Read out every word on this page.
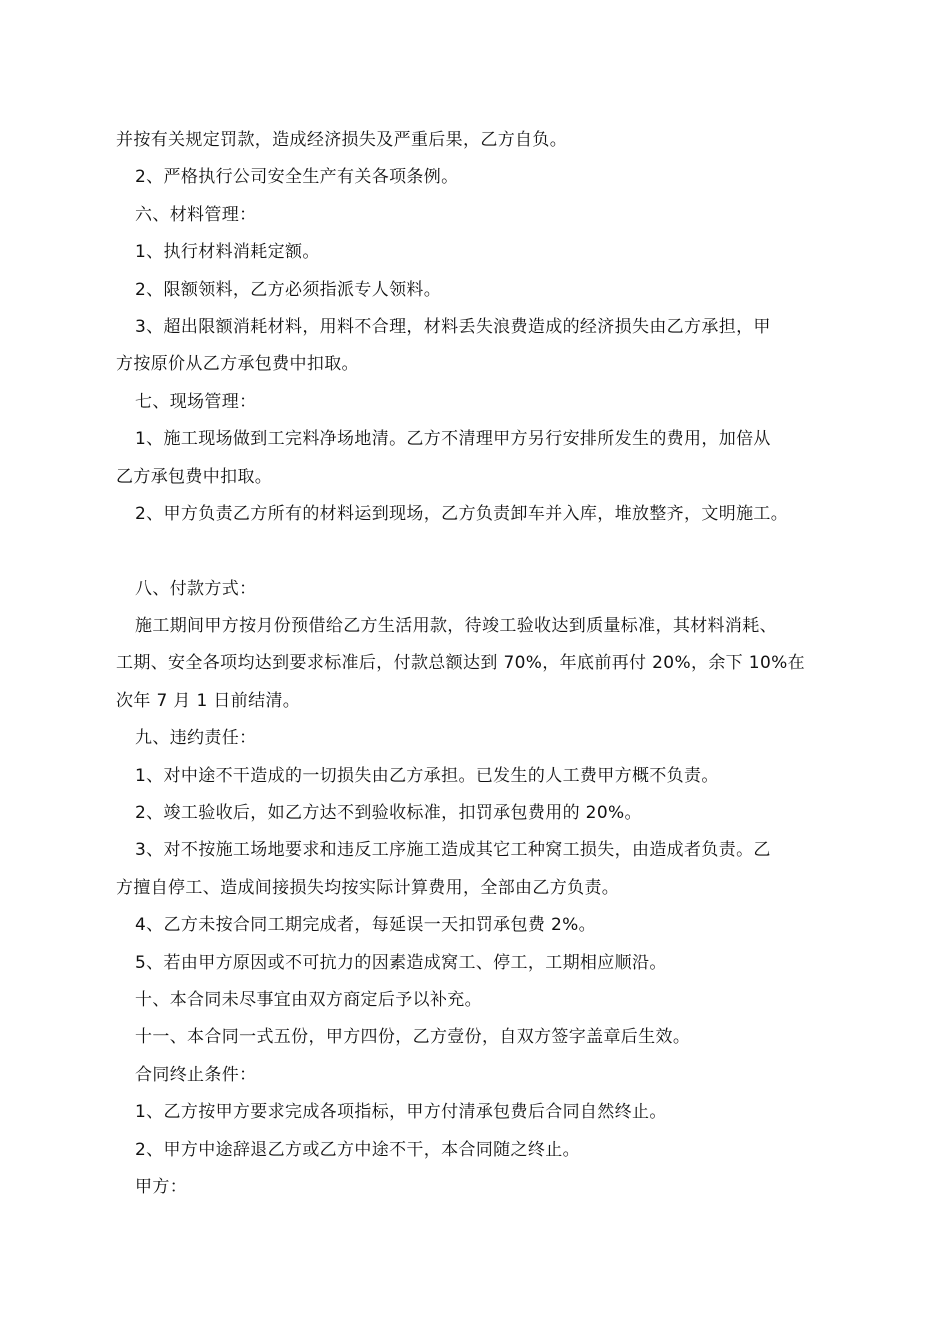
并按有关规定罚款，造成经济损失及严重后果，乙方自负。
2、严格执行公司安全生产有关各项条例。
六、材料管理：
1、执行材料消耗定额。
2、限额领料，乙方必须指派专人领料。
3、超出限额消耗材料，用料不合理，材料丢失浪费造成的经济损失由乙方承担，甲
方按原价从乙方承包费中扣取。
七、现场管理：
1、施工现场做到工完料净场地清。乙方不清理甲方另行安排所发生的费用，加倍从
乙方承包费中扣取。
2、甲方负责乙方所有的材料运到现场，乙方负责卸车并入库，堆放整齐，文明施工。
八、付款方式：
施工期间甲方按月份预借给乙方生活用款，待竣工验收达到质量标准，其材料消耗、
工期、安全各项均达到要求标准后，付款总额达到 70%，年底前再付 20%，余下 10%在
次年 7 月 1 日前结清。
九、违约责任：
1、对中途不干造成的一切损失由乙方承担。已发生的人工费甲方概不负责。
2、竣工验收后，如乙方达不到验收标准，扣罚承包费用的 20%。
3、对不按施工场地要求和违反工序施工造成其它工种窝工损失，由造成者负责。乙
方擅自停工、造成间接损失均按实际计算费用，全部由乙方负责。
4、乙方未按合同工期完成者，每延误一天扣罚承包费 2%。
5、若由甲方原因或不可抗力的因素造成窝工、停工，工期相应顺沿。
十、本合同未尽事宜由双方商定后予以补充。
十一、本合同一式五份，甲方四份，乙方壹份，自双方签字盖章后生效。
合同终止条件：
1、乙方按甲方要求完成各项指标，甲方付清承包费后合同自然终止。
2、甲方中途辞退乙方或乙方中途不干，本合同随之终止。
甲方：
